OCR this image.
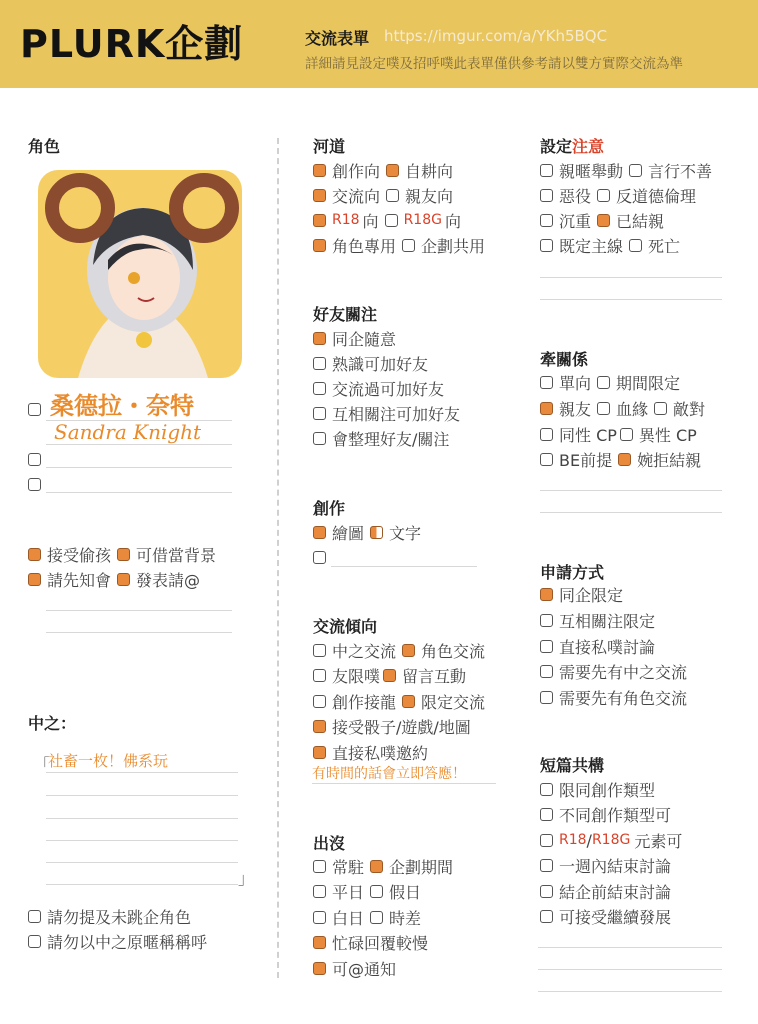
PLURK企劃	交流表單 https://imgur.com/a/YKh5BQC
詳細請見設定噗及招呼噗此表單僅供參考請以雙方實際交流為準
角色
桑德拉・奈特
Sandra Knight
接受偷孩 可借當背景
請先知會 發表請@
中之：
「
社畜一枚！佛系玩
」
請勿提及未跳企角色
請勿以中之原暱稱稱呼
河道
創作向 自耕向
交流向 親友向
R18 向 R18G 向
角色專用 企劃共用
好友關注
同企隨意
熟識可加好友
交流過可加好友
互相關注可加好友
會整理好友/關注
創作
繪圖 文字
交流傾向
中之交流 角色交流
友限噗 留言互動
創作接龍 限定交流
接受骰子/遊戲/地圖
直接私噗邀約
有時間的話會立即答應！
出沒
常駐 企劃期間
平日 假日
白日 時差
忙碌回覆較慢
可@通知
設定注意
親暱舉動 言行不善
惡役 反道德倫理
沉重 已結親
既定主線 死亡
牽關係
單向 期間限定
親友 血緣 敵對
同性 CP 異性 CP
BE前提 婉拒結親
申請方式
同企限定
互相關注限定
直接私噗討論
需要先有中之交流
需要先有角色交流
短篇共構
限同創作類型
不同創作類型可
R18 / R18G 元素可
一週內結束討論
結企前結束討論
可接受繼續發展
